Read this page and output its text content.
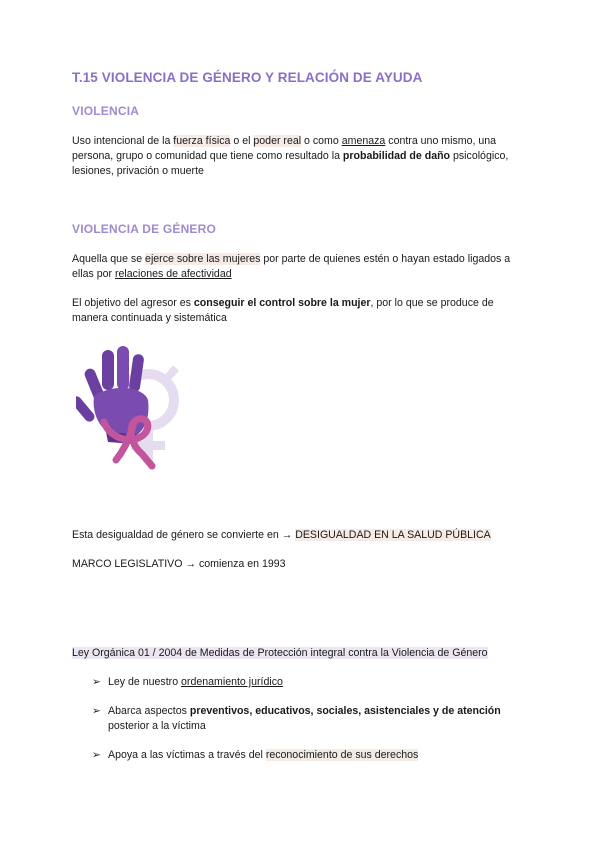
T.15 VIOLENCIA DE GÉNERO Y RELACIÓN DE AYUDA
VIOLENCIA
Uso intencional de la fuerza física o el poder real o como amenaza contra uno mismo, una persona, grupo o comunidad que tiene como resultado la probabilidad de daño psicológico, lesiones, privación o muerte
VIOLENCIA DE GÉNERO
Aquella que se ejerce sobre las mujeres por parte de quienes estén o hayan estado ligados a ellas por relaciones de afectividad
El objetivo del agresor es conseguir el control sobre la mujer, por lo que se produce de manera continuada y sistemática
Esta desigualdad de género se convierte en → DESIGUALDAD EN LA SALUD PÚBLICA
MARCO LEGISLATIVO → comienza en 1993
Ley Orgánica 01 / 2004 de Medidas de Protección integral contra la Violencia de Género
➢ Ley de nuestro ordenamiento jurídico
➢ Abarca aspectos preventivos, educativos, sociales, asistenciales y de atención posterior a la víctima
➢ Apoya a las víctimas a través del reconocimiento de sus derechos
